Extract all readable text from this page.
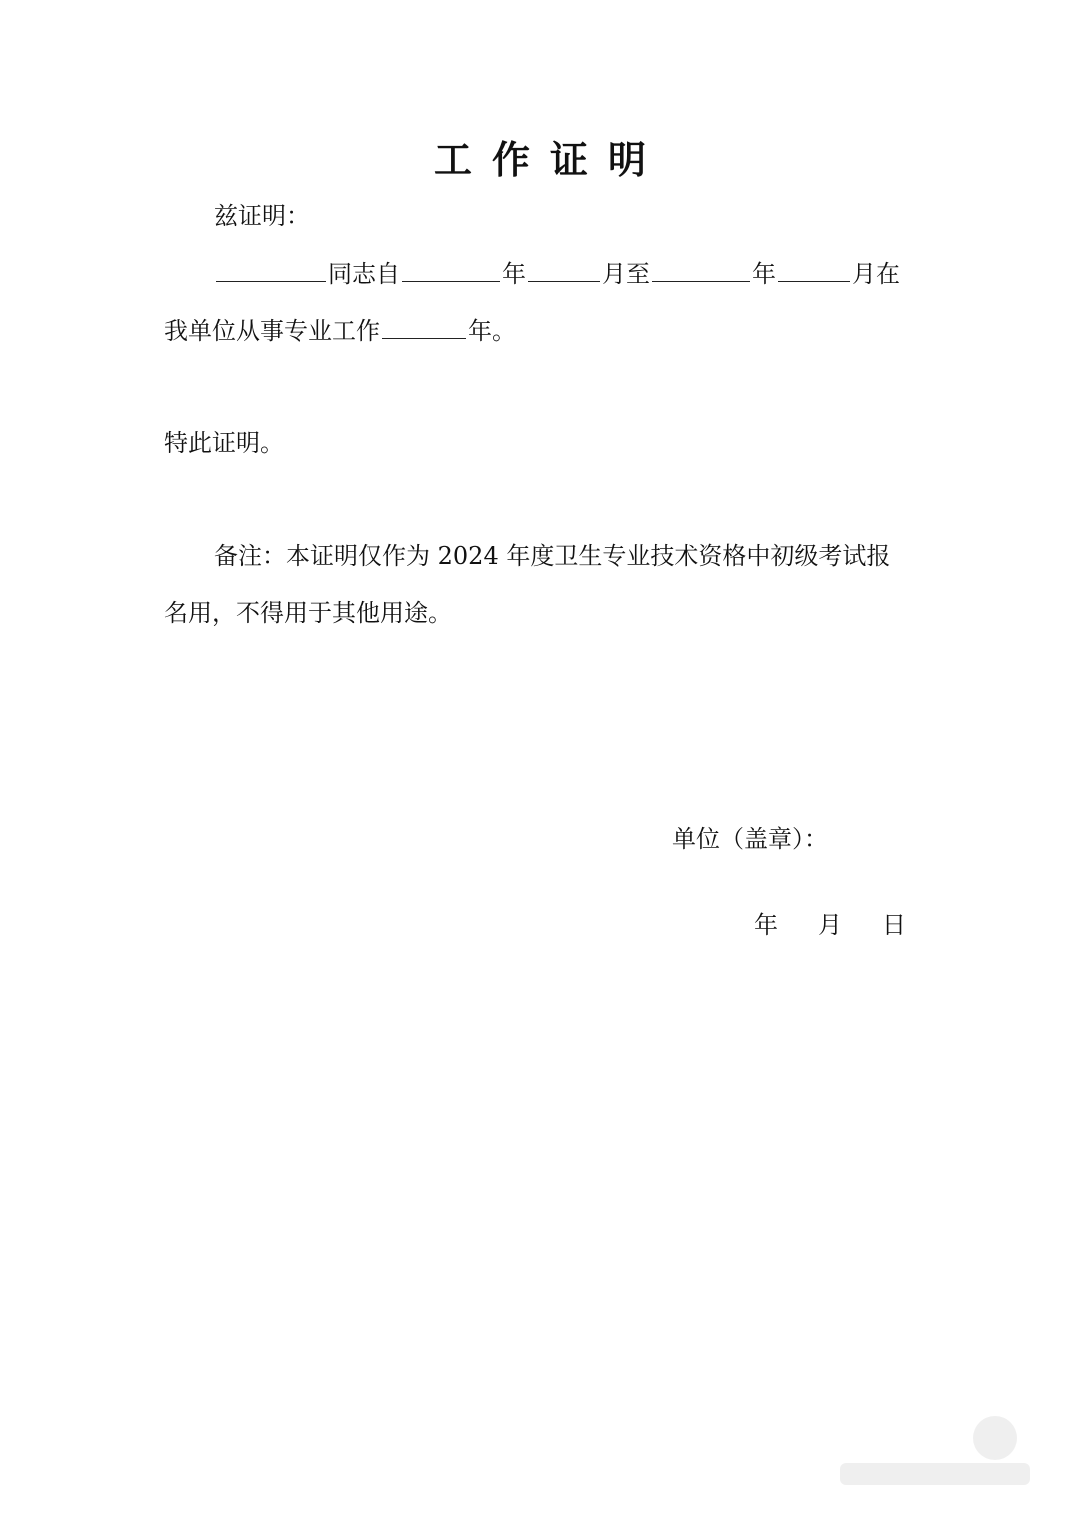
工作证明
兹证明：
同志自	年	月至	年	月在
我单位从事专业工作	年。
特此证明。
备注：本证明仅作为 2024 年度卫生专业技术资格中初级考试报
名用，不得用于其他用途。
单位（盖章）：
年 月 日
